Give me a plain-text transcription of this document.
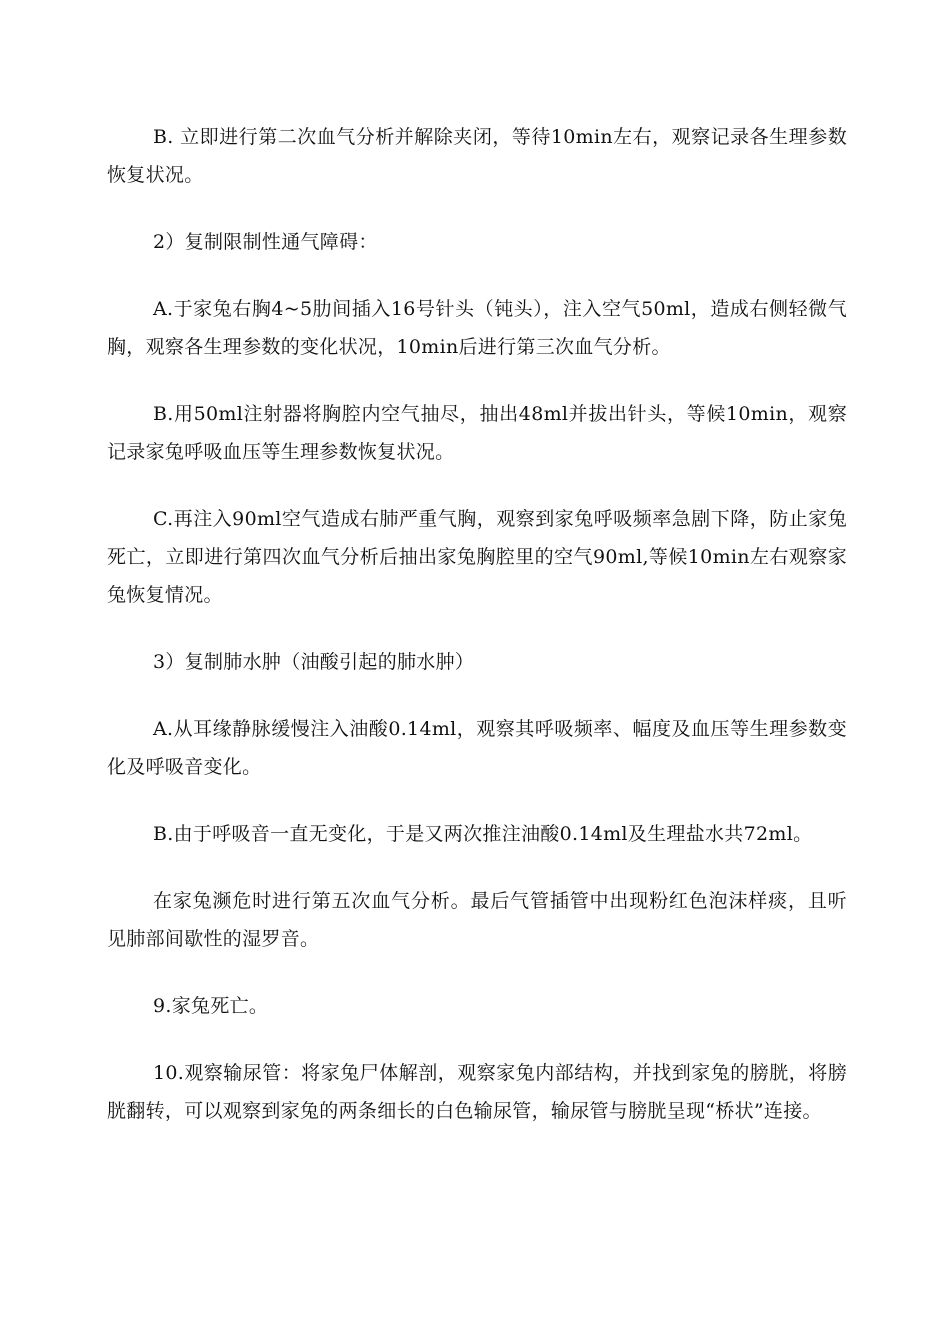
B. 立即进行第二次血气分析并解除夹闭，等待10min左右，观察记录各生理参数恢复状况。

2）复制限制性通气障碍：

A.于家兔右胸4~5肋间插入16号针头（钝头），注入空气50ml，造成右侧轻微气胸，观察各生理参数的变化状况，10min后进行第三次血气分析。

B.用50ml注射器将胸腔内空气抽尽，抽出48ml并拔出针头，等候10min，观察记录家兔呼吸血压等生理参数恢复状况。

C.再注入90ml空气造成右肺严重气胸，观察到家兔呼吸频率急剧下降，防止家兔死亡，立即进行第四次血气分析后抽出家兔胸腔里的空气90ml,等候10min左右观察家兔恢复情况。

3）复制肺水肿（油酸引起的肺水肿）

A.从耳缘静脉缓慢注入油酸0.14ml，观察其呼吸频率、幅度及血压等生理参数变化及呼吸音变化。

B.由于呼吸音一直无变化，于是又两次推注油酸0.14ml及生理盐水共72ml。

在家兔濒危时进行第五次血气分析。最后气管插管中出现粉红色泡沫样痰，且听见肺部间歇性的湿罗音。

9.家兔死亡。

10.观察输尿管：将家兔尸体解剖，观察家兔内部结构，并找到家兔的膀胱，将膀胱翻转，可以观察到家兔的两条细长的白色输尿管，输尿管与膀胱呈现“桥状”连接。
